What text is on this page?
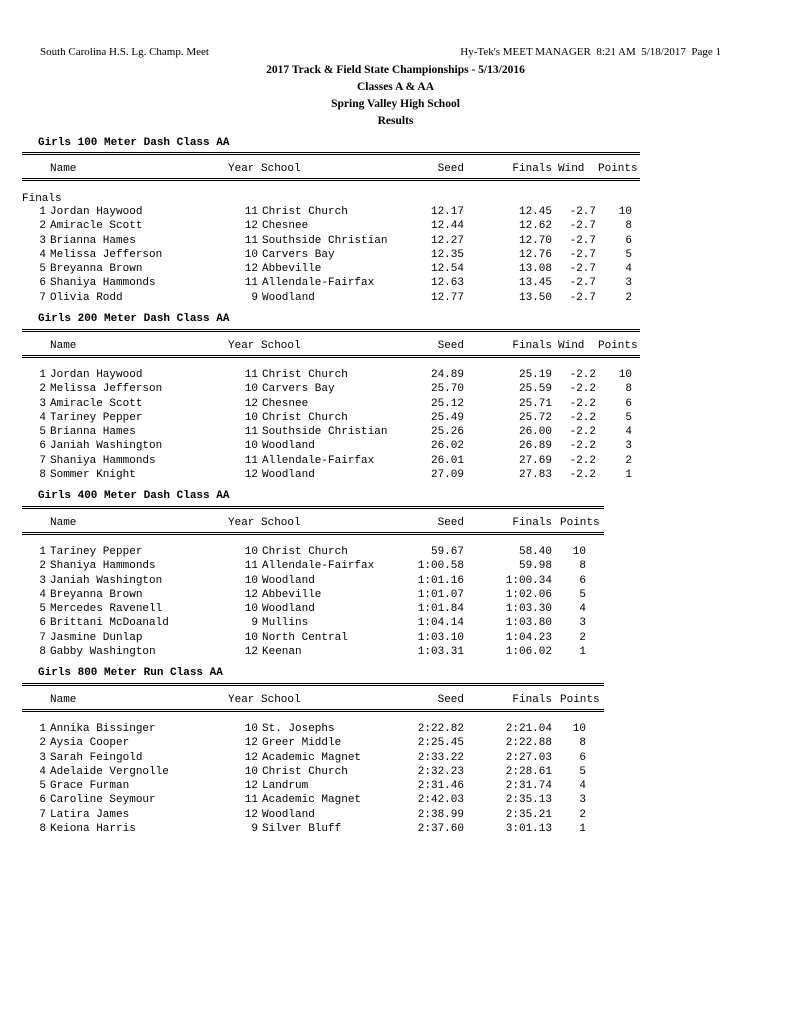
South Carolina H.S. Lg. Champ. Meet	Hy-Tek's MEET MANAGER  8:21 AM  5/18/2017  Page 1
2017 Track & Field State Championships - 5/13/2016
Classes A & AA
Spring Valley High School
Results
Girls 100 Meter Dash Class AA
Name	Year School	Seed	Finals Wind Points
Finals
1 Jordan Haywood	11 Christ Church	12.17	12.45	-2.7	10
2 Amiracle Scott	12 Chesnee	12.44	12.62	-2.7	8
3 Brianna Hames	11 Southside Christian	12.27	12.70	-2.7	6
4 Melissa Jefferson	10 Carvers Bay	12.35	12.76	-2.7	5
5 Breyanna Brown	12 Abbeville	12.54	13.08	-2.7	4
6 Shaniya Hammonds	11 Allendale-Fairfax	12.63	13.45	-2.7	3
7 Olivia Rodd	9 Woodland	12.77	13.50	-2.7	2
Girls 200 Meter Dash Class AA
Name	Year School	Seed	Finals Wind Points
1 Jordan Haywood	11 Christ Church	24.89	25.19	-2.2	10
2 Melissa Jefferson	10 Carvers Bay	25.70	25.59	-2.2	8
3 Amiracle Scott	12 Chesnee	25.12	25.71	-2.2	6
4 Tariney Pepper	10 Christ Church	25.49	25.72	-2.2	5
5 Brianna Hames	11 Southside Christian	25.26	26.00	-2.2	4
6 Janiah Washington	10 Woodland	26.02	26.89	-2.2	3
7 Shaniya Hammonds	11 Allendale-Fairfax	26.01	27.69	-2.2	2
8 Sommer Knight	12 Woodland	27.09	27.83	-2.2	1
Girls 400 Meter Dash Class AA
Name	Year School	Seed	Finals Points
1 Tariney Pepper	10 Christ Church	59.67	58.40	10
2 Shaniya Hammonds	11 Allendale-Fairfax	1:00.58	59.98	8
3 Janiah Washington	10 Woodland	1:01.16	1:00.34	6
4 Breyanna Brown	12 Abbeville	1:01.07	1:02.06	5
5 Mercedes Ravenell	10 Woodland	1:01.84	1:03.30	4
6 Brittani McDoanald	9 Mullins	1:04.14	1:03.80	3
7 Jasmine Dunlap	10 North Central	1:03.10	1:04.23	2
8 Gabby Washington	12 Keenan	1:03.31	1:06.02	1
Girls 800 Meter Run Class AA
Name	Year School	Seed	Finals Points
1 Annika Bissinger	10 St. Josephs	2:22.82	2:21.04	10
2 Aysia Cooper	12 Greer Middle	2:25.45	2:22.88	8
3 Sarah Feingold	12 Academic Magnet	2:33.22	2:27.03	6
4 Adelaide Vergnolle	10 Christ Church	2:32.23	2:28.61	5
5 Grace Furman	12 Landrum	2:31.46	2:31.74	4
6 Caroline Seymour	11 Academic Magnet	2:42.03	2:35.13	3
7 Latira James	12 Woodland	2:38.99	2:35.21	2
8 Keiona Harris	9 Silver Bluff	2:37.60	3:01.13	1
